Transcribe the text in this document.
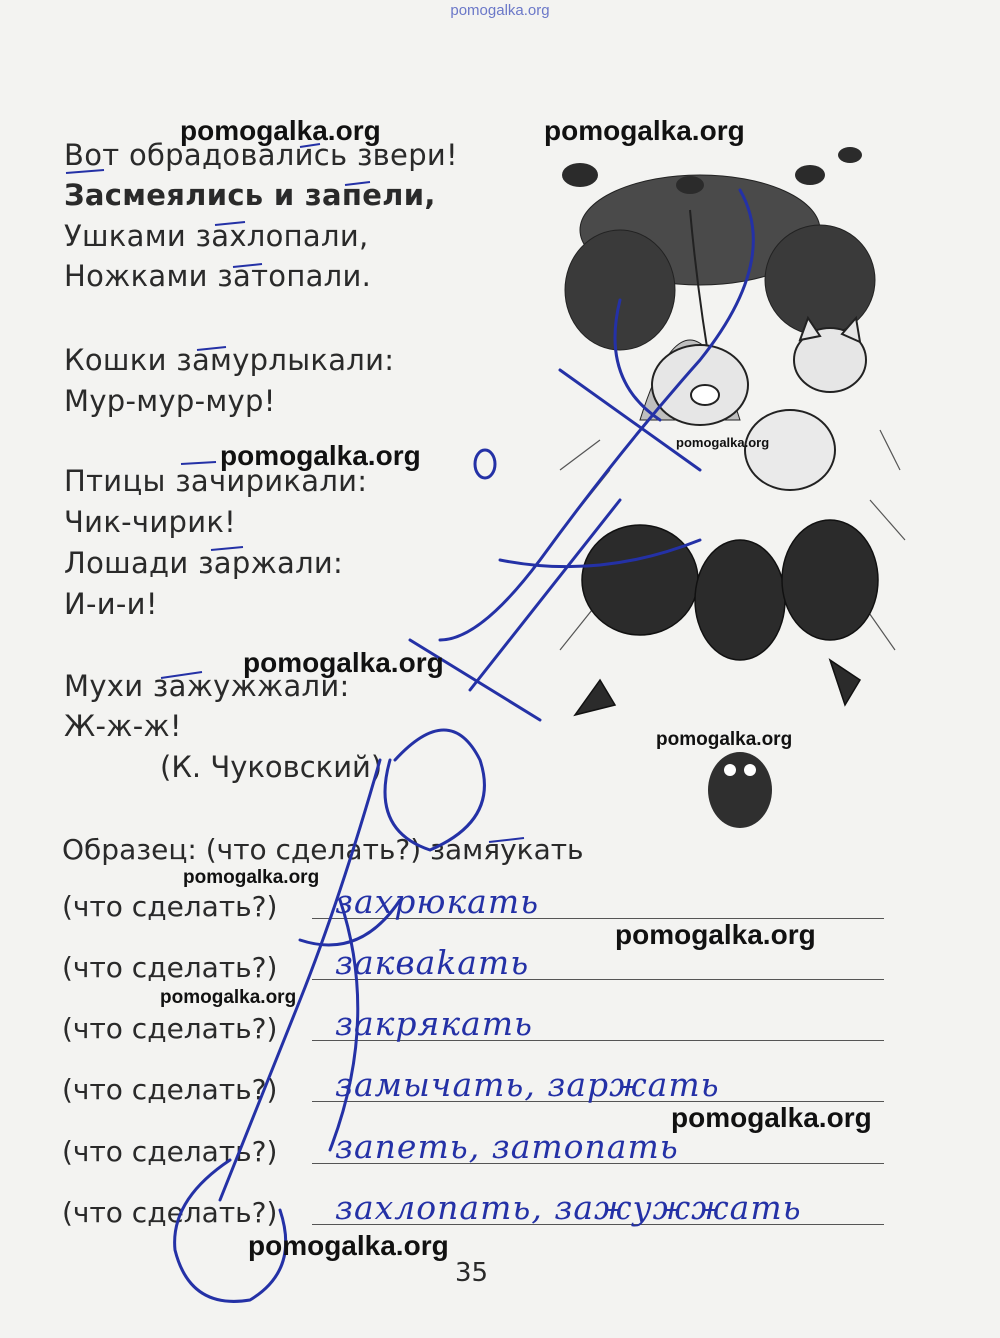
pomogalka.org
Вот обрадовались звери!
Засмеялись и запели,
Ушками захлопали,
Ножками затопали.
Кошки замурлыкали:
Мур-мур-мур!
Птицы зачирикали:
Чик-чирик!
Лошади заржали:
И-и-и!
Мухи зажужжали:
Ж-ж-ж!
(К. Чуковский)
Образец: (что сделать?) замяукать
(что сделать?) захрюкать
(что сделать?) закваkать
(что сделать?) закрякать
(что сделать?) замычать, заржать
(что сделать?) запеть, затопать
(что сделать?) захлопать, зажужжать
35
pomogalka.org	pomogalka.org
pomogalka.org
pomogalka.org
pomogalka.org
pomogalka.org
pomogalka.org
pomogalka.org
pomogalka.org
pomogalka.org
pomogalka.org
